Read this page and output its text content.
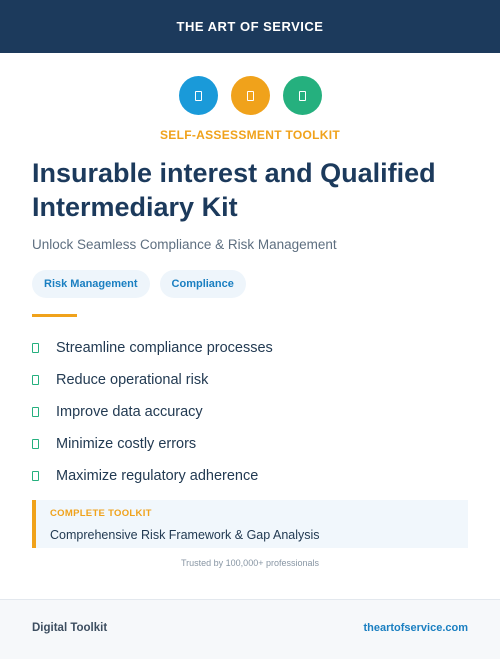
THE ART OF SERVICE
SELF-ASSESSMENT TOOLKIT
Insurable interest and Qualified Intermediary Kit
Unlock Seamless Compliance & Risk Management
Risk Management	Compliance
Streamline compliance processes
Reduce operational risk
Improve data accuracy
Minimize costly errors
Maximize regulatory adherence
COMPLETE TOOLKIT
Comprehensive Risk Framework & Gap Analysis
Trusted by 100,000+ professionals
Digital Toolkit	theartofservice.com
